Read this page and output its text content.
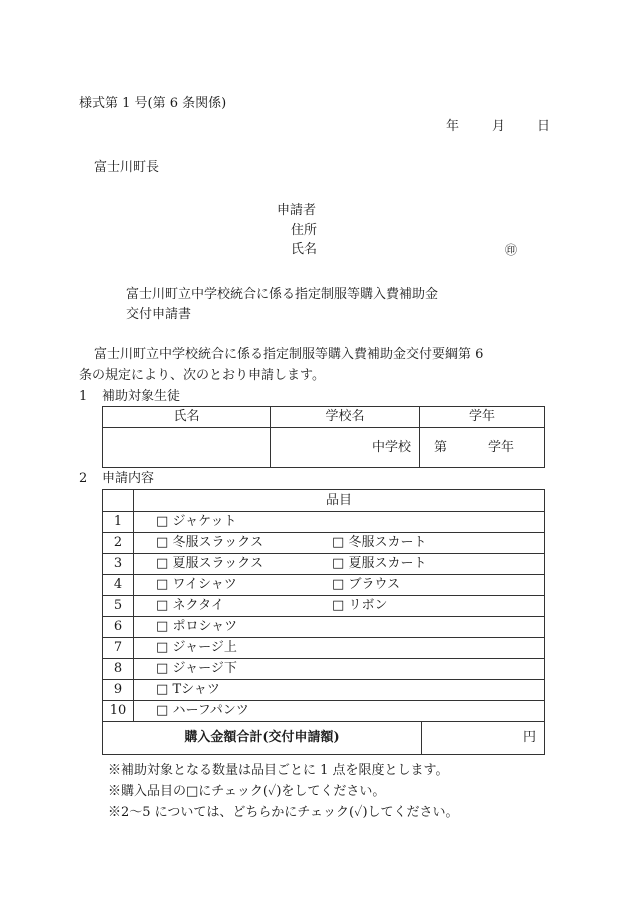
様式第 1 号(第 6 条関係)
年	月 日
富士川町長
申請者
住所
氏名	㊞
富士川町立中学校統合に係る指定制服等購入費補助金
交付申請書
富士川町立中学校統合に係る指定制服等購入費補助金交付要綱第 6
条の規定により、次のとおり申請します。
1 補助対象生徒
氏名	学校名	学年
	中学校	第 学年
2 申請内容
	品目	
1	□ ジャケット	
2	□ 冬服スラックス □ 冬服スカート	

3	□ 夏服スラックス □ 夏服スカート	

4	□ ワイシャツ □ ブラウス	

5	□ ネクタイ □ リボン	

6	□ ポロシャツ	
7	□ ジャージ上	
8	□ ジャージ下	
9	□ Tシャツ	
10	□ ハーフパンツ	
購入金額合計(交付申請額)		円
※補助対象となる数量は品目ごとに 1 点を限度とします。
※購入品目の□にチェック(✓)をしてください。
※2〜5 については、どちらかにチェック(✓)してください。
